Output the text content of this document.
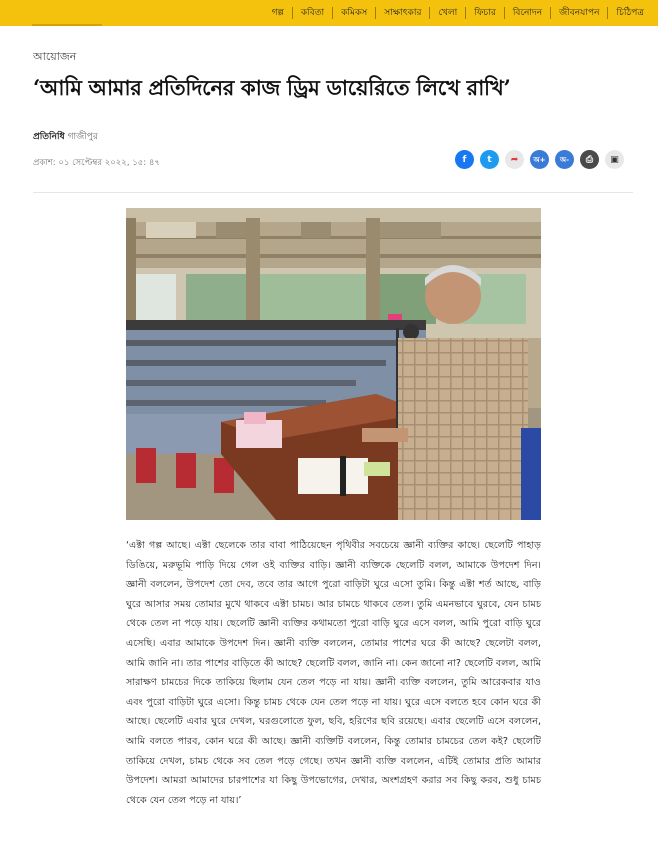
গল্প	কবিতা	কমিকস	সাক্ষাৎকার	খেলা	ফিচার	বিনোদন	জীবনযাপন	চিঠিপত্র
আয়োজন
‘আমি আমার প্রতিদিনের কাজ ড্রিম ডায়েরিতে লিখে রাখি’
প্রতিনিধি গাজীপুর
প্রকাশ: ০১ সেপ্টেম্বর ২০২২, ১৫: ৪৭	f	t	➦	অ+	অ-	⎙	▣

‘এক্টা গল্প আছে। এক্টা ছেলেকে তার বাবা পাঠিয়েছেন পৃথিবীর সবচেয়ে জ্ঞানী ব্যক্তির কাছে। ছেলেটি পাহাড় ডিঙিয়ে, মরুভূমি পাড়ি দিয়ে গেল ওই ব্যক্তির বাড়ি। জ্ঞানী ব্যক্তিকে ছেলেটি বলল, আমাকে উপদেশ দিন। জ্ঞানী বললেন, উপদেশ তো দেব, তবে তার আগে পুরো বাড়িটা ঘুরে এসো তুমি। কিন্তু এক্টা শর্ত আছে, বাড়ি ঘুরে আসার সময় তোমার মুখে থাকবে এক্টা চামচ। আর চামচে থাকবে তেল। তুমি এমনভাবে ঘুরবে, যেন চামচ থেকে তেল না পড়ে যায়। ছেলেটি জ্ঞানী ব্যক্তির কথামতো পুরো বাড়ি ঘুরে এসে বলল, আমি পুরো বাড়ি ঘুরে এসেছি। এবার আমাকে উপদেশ দিন। জ্ঞানী ব্যক্তি বললেন, তোমার পাশের ঘরে কী আছে? ছেলেটা বলল, আমি জানি না। তার পাশের বাড়িতে কী আছে? ছেলেটি বলল, জানি না। কেন জানো না? ছেলেটি বলল, আমি সারাক্ষণ চামচের দিকে তাকিয়ে ছিলাম যেন তেল পড়ে না যায়। জ্ঞানী ব্যক্তি বললেন, তুমি আরেকবার যাও এবং পুরো বাড়িটা ঘুরে এসো। কিন্তু চামচ থেকে যেন তেল পড়ে না যায়। ঘুরে এসে বলতে হবে কোন ঘরে কী আছে। ছেলেটি এবার ঘুরে দেখল, ঘরগুলোতে ফুল, ছবি, হরিণের ছবি রয়েছে। এবার ছেলেটি এসে বললেন, আমি বলতে পারব, কোন ঘরে কী আছে। জ্ঞানী ব্যক্তিটি বললেন, কিন্তু তোমার চামচের তেল কই? ছেলেটি তাকিয়ে দেখল, চামচ থেকে সব তেল পড়ে গেছে। তখন জ্ঞানী ব্যক্তি বললেন, এটিই তোমার প্রতি আমার উপদেশ। আমরা আমাদের চারপাশের যা কিছু উপভোগের, দেখার, অংশগ্রহণ করার সব কিছু করব, শুধু চামচ থেকে যেন তেল পড়ে না যায়।’
